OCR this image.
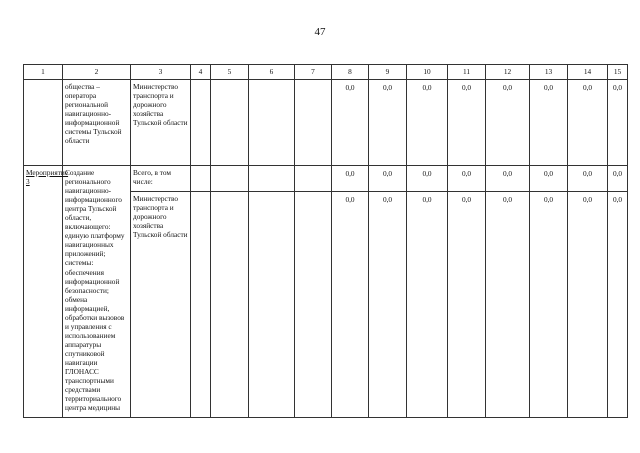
47
1	2	3	4	5	6	7	8	9	10	11	12	13	14	15
	общества – оператора региональной навигационно-информационной системы Тульской области	Министерство транспорта и дорожного хозяйства Тульской области					0,0	0,0	0,0	0,0	0,0	0,0	0,0	0,0
Мероприятие 3	Создание регионального навигационно-информационного центра Тульской области, включающего: единую платформу навигационных приложений; системы: обеспечения информационной безопасности; обмена информацией, обработки вызовов и управления с использованием аппаратуры спутниковой навигации ГЛОНАСС транспортными средствами территориального центра медицины	Всего, в том числе:					0,0	0,0	0,0	0,0	0,0	0,0	0,0	0,0
		Министерство транспорта и дорожного хозяйства Тульской области					0,0	0,0	0,0	0,0	0,0	0,0	0,0	0,0
